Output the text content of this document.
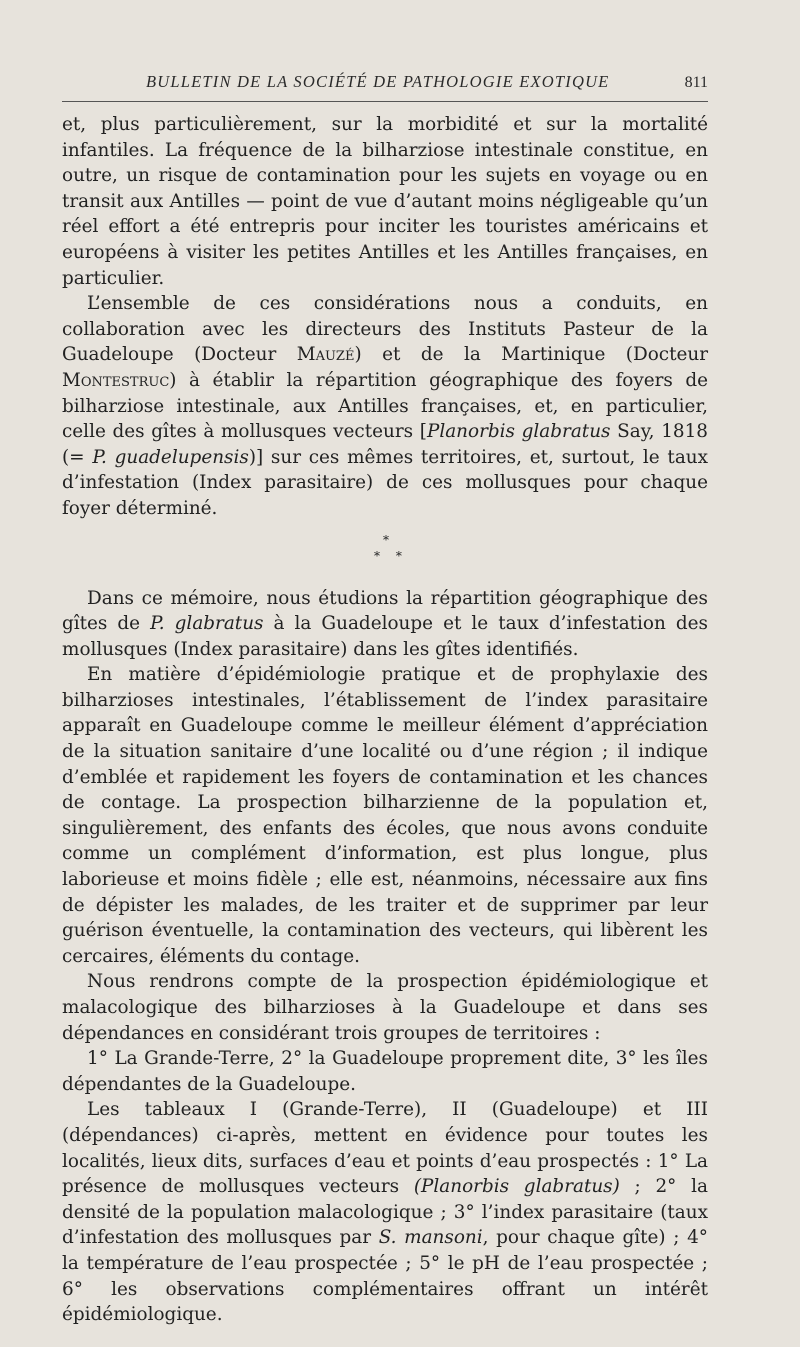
BULLETIN DE LA SOCIÉTÉ DE PATHOLOGIE EXOTIQUE	811

et, plus particulièrement, sur la morbidité et sur la mortalité infantiles. La fréquence de la bilharziose intestinale constitue, en outre, un risque de contamination pour les sujets en voyage ou en transit aux Antilles — point de vue d’autant moins négligeable qu’un réel effort a été entrepris pour inciter les touristes américains et européens à visiter les petites Antilles et les Antilles françaises, en particulier.

L’ensemble de ces considérations nous a conduits, en collaboration avec les directeurs des Instituts Pasteur de la Guadeloupe (Docteur Mauzé) et de la Martinique (Docteur Montestruc) à établir la répartition géographique des foyers de bilharziose intestinale, aux Antilles françaises, et, en particulier, celle des gîtes à mollusques vecteurs [Planorbis glabratus Say, 1818 (= P. guadelupensis)] sur ces mêmes territoires, et, surtout, le taux d’infestation (Index parasitaire) de ces mollusques pour chaque foyer déterminé.

*
* *

Dans ce mémoire, nous étudions la répartition géographique des gîtes de P. glabratus à la Guadeloupe et le taux d’infestation des mollusques (Index parasitaire) dans les gîtes identifiés.

En matière d’épidémiologie pratique et de prophylaxie des bilharzioses intestinales, l’établissement de l’index parasitaire apparaît en Guadeloupe comme le meilleur élément d’appréciation de la situation sanitaire d’une localité ou d’une région ; il indique d’emblée et rapidement les foyers de contamination et les chances de contage. La prospection bilharzienne de la population et, singulièrement, des enfants des écoles, que nous avons conduite comme un complément d’information, est plus longue, plus laborieuse et moins fidèle ; elle est, néanmoins, nécessaire aux fins de dépister les malades, de les traiter et de supprimer par leur guérison éventuelle, la contamination des vecteurs, qui libèrent les cercaires, éléments du contage.

Nous rendrons compte de la prospection épidémiologique et malacologique des bilharzioses à la Guadeloupe et dans ses dépendances en considérant trois groupes de territoires :

1° La Grande-Terre, 2° la Guadeloupe proprement dite, 3° les îles dépendantes de la Guadeloupe.

Les tableaux I (Grande-Terre), II (Guadeloupe) et III (dépendances) ci-après, mettent en évidence pour toutes les localités, lieux dits, surfaces d’eau et points d’eau prospectés : 1° La présence de mollusques vecteurs (Planorbis glabratus) ; 2° la densité de la population malacologique ; 3° l’index parasitaire (taux d’infestation des mollusques par S. mansoni, pour chaque gîte) ; 4° la température de l’eau prospectée ; 5° le pH de l’eau prospectée ; 6° les observations complémentaires offrant un intérêt épidémiologique.
